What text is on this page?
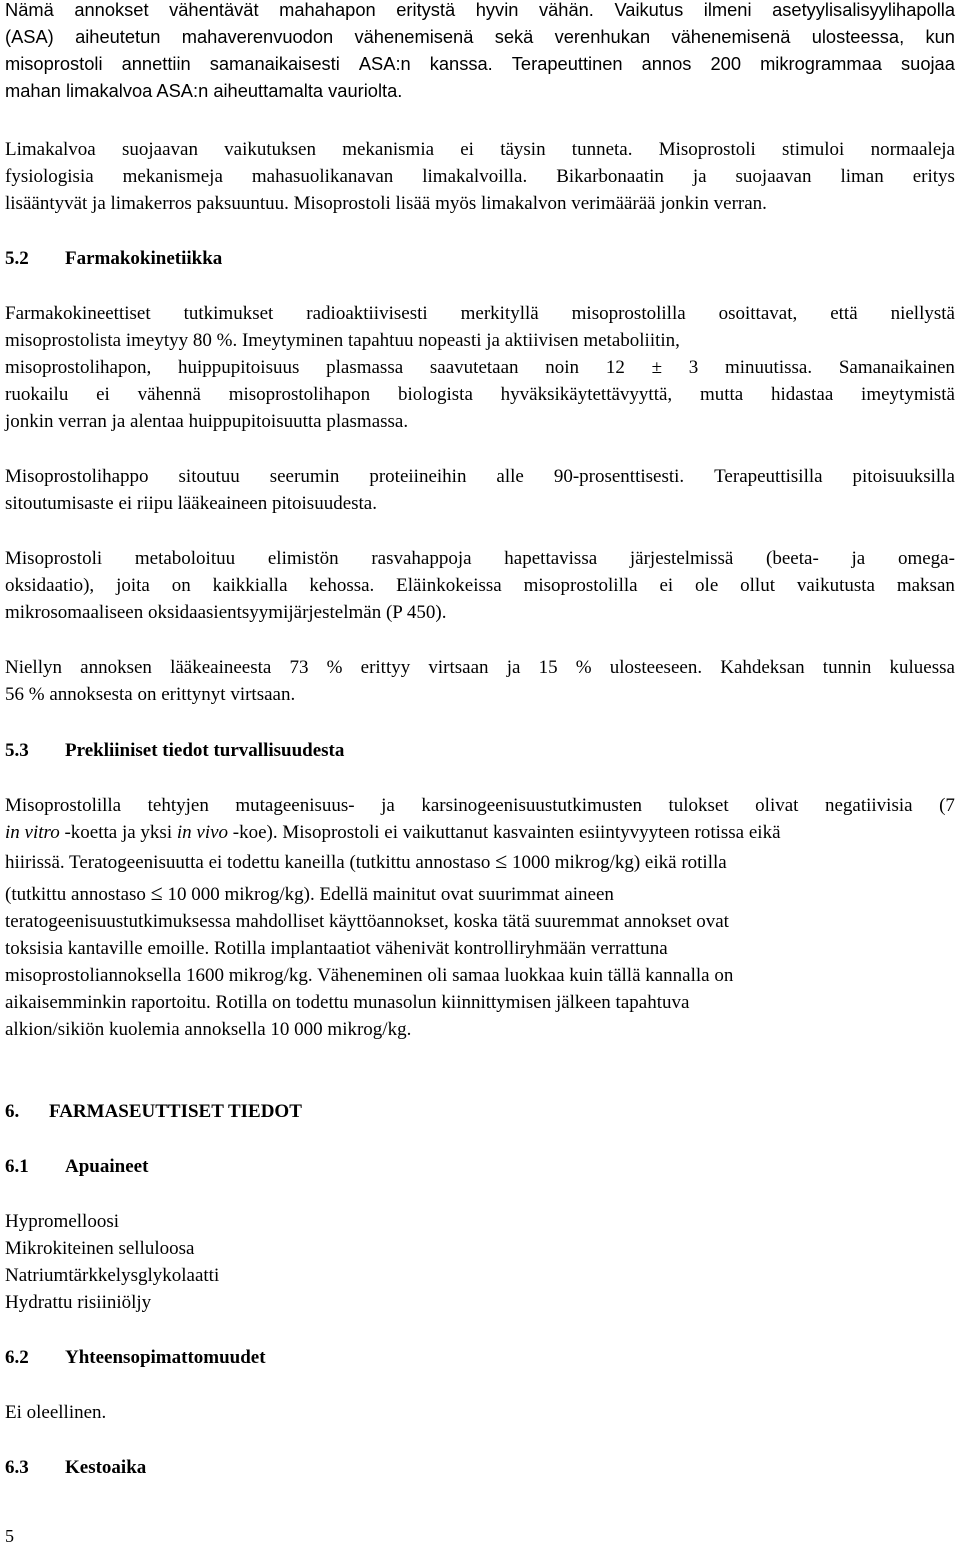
Nämä annokset vähentävät mahahapon eritystä hyvin vähän. Vaikutus ilmeni asetyylisalisyylihapolla
(ASA) aiheutetun mahaverenvuodon vähenemisenä sekä verenhukan vähenemisenä ulosteessa, kun
misoprostoli annettiin samanaikaisesti ASA:n kanssa. Terapeuttinen annos 200 mikrogrammaa suojaa
mahan limakalvoa ASA:n aiheuttamalta vauriolta.
Limakalvoa suojaavan vaikutuksen mekanismia ei täysin tunneta. Misoprostoli stimuloi normaaleja
fysiologisia mekanismeja mahasuolikanavan limakalvoilla. Bikarbonaatin ja suojaavan liman eritys
lisääntyvät ja limakerros paksuuntuu. Misoprostoli lisää myös limakalvon verimäärää jonkin verran.
5.2 Farmakokinetiikka
Farmakokineettiset tutkimukset radioaktiivisesti merkityllä misoprostolilla osoittavat, että niellystä
misoprostolista imeytyy 80 %. Imeytyminen tapahtuu nopeasti ja aktiivisen metaboliitin,
misoprostolihapon, huippupitoisuus plasmassa saavutetaan noin 12 ± 3 minuutissa. Samanaikainen
ruokailu ei vähennä misoprostolihapon biologista hyväksikäytettävyyttä, mutta hidastaa imeytymistä
jonkin verran ja alentaa huippupitoisuutta plasmassa.
Misoprostolihappo sitoutuu seerumin proteiineihin alle 90-prosenttisesti. Terapeuttisilla pitoisuuksilla
sitoutumisaste ei riipu lääkeaineen pitoisuudesta.
Misoprostoli metaboloituu elimistön rasvahappoja hapettavissa järjestelmissä (beeta- ja omega-
oksidaatio), joita on kaikkialla kehossa. Eläinkokeissa misoprostolilla ei ole ollut vaikutusta maksan
mikrosomaaliseen oksidaasientsyymijärjestelmän (P 450).
Niellyn annoksen lääkeaineesta 73 % erittyy virtsaan ja 15 % ulosteeseen. Kahdeksan tunnin kuluessa
56 % annoksesta on erittynyt virtsaan.
5.3 Prekliiniset tiedot turvallisuudesta
Misoprostolilla tehtyjen mutageenisuus- ja karsinogeenisuustutkimusten tulokset olivat negatiivisia (7
in vitro -koetta ja yksi in vivo -koe). Misoprostoli ei vaikuttanut kasvainten esiintyvyyteen rotissa eikä
hiirissä. Teratogeenisuutta ei todettu kaneilla (tutkittu annostaso ≤ 1000 mikrog/kg) eikä rotilla
(tutkittu annostaso ≤ 10 000 mikrog/kg). Edellä mainitut ovat suurimmat aineen
teratogeenisuustutkimuksessa mahdolliset käyttöannokset, koska tätä suuremmat annokset ovat
toksisia kantaville emoille. Rotilla implantaatiot vähenivät kontrolliryhmään verrattuna
misoprostoliannoksella 1600 mikrog/kg. Väheneminen oli samaa luokkaa kuin tällä kannalla on
aikaisemminkin raportoitu. Rotilla on todettu munasolun kiinnittymisen jälkeen tapahtuva
alkion/sikiön kuolemia annoksella 10 000 mikrog/kg.
6. FARMASEUTTISET TIEDOT
6.1 Apuaineet
Hypromelloosi
Mikrokiteinen selluloosa
Natriumtärkkelysglykolaatti
Hydrattu risiiniöljy
6.2 Yhteensopimattomuudet
Ei oleellinen.
6.3 Kestoaika
5
